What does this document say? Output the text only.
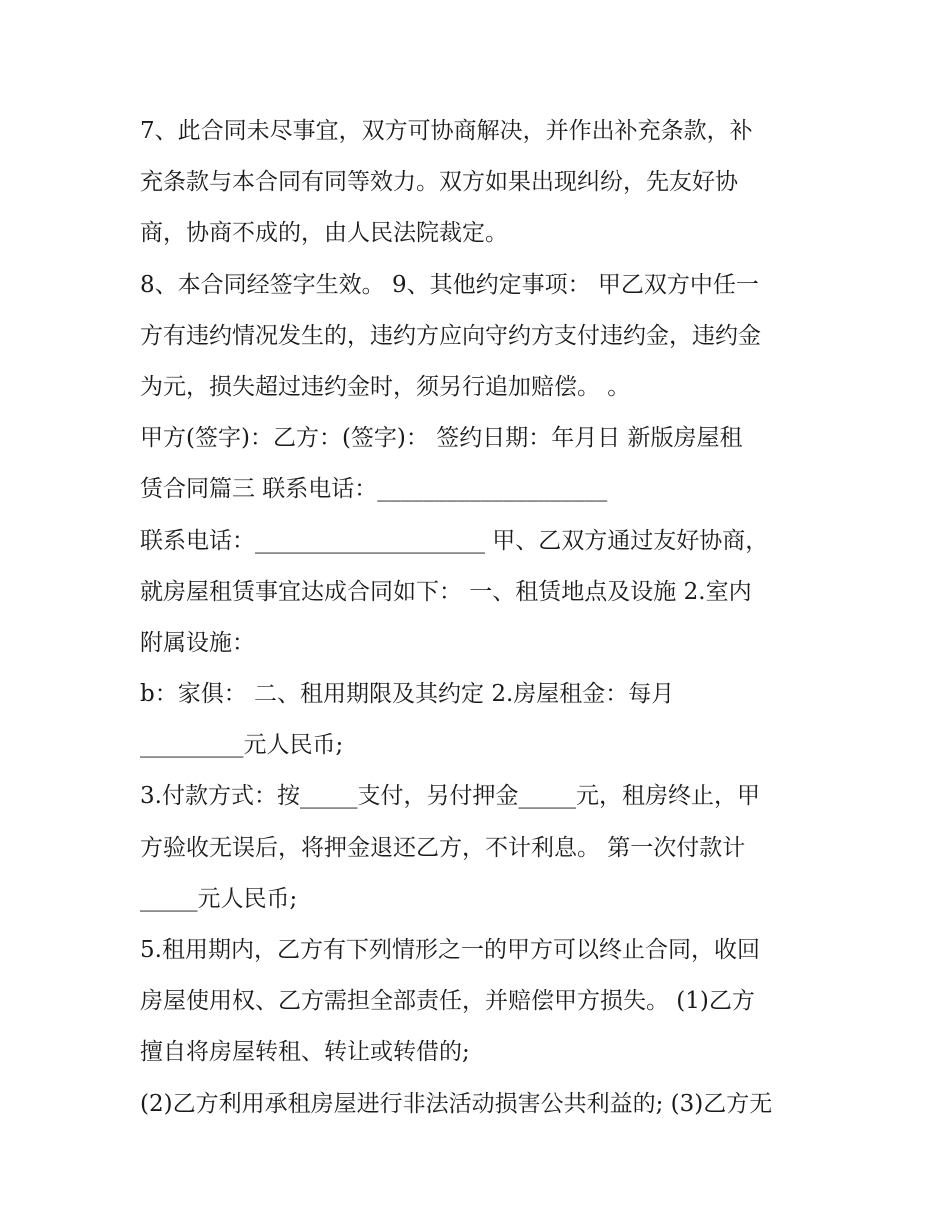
7、此合同未尽事宜，双方可协商解决，并作出补充条款，补
充条款与本合同有同等效力。双方如果出现纠纷，先友好协
商，协商不成的，由人民法院裁定。
8、本合同经签字生效。 9、其他约定事项： 甲乙双方中任一
方有违约情况发生的，违约方应向守约方支付违约金，违约金
为元，损失超过违约金时，须另行追加赔偿。 。
甲方(签字)：乙方：(签字)： 签约日期：年月日 新版房屋租
赁合同篇三 联系电话：____________________
联系电话：____________________ 甲、乙双方通过友好协商，
就房屋租赁事宜达成合同如下： 一、租赁地点及设施 2.室内
附属设施：
b：家俱： 二、租用期限及其约定 2.房屋租金：每月
_________元人民币;
3.付款方式：按_____支付，另付押金_____元，租房终止，甲
方验收无误后，将押金退还乙方，不计利息。 第一次付款计
_____元人民币;
5.租用期内，乙方有下列情形之一的甲方可以终止合同，收回
房屋使用权、乙方需担全部责任，并赔偿甲方损失。 (1)乙方
擅自将房屋转租、转让或转借的;
(2)乙方利用承租房屋进行非法活动损害公共利益的; (3)乙方无
